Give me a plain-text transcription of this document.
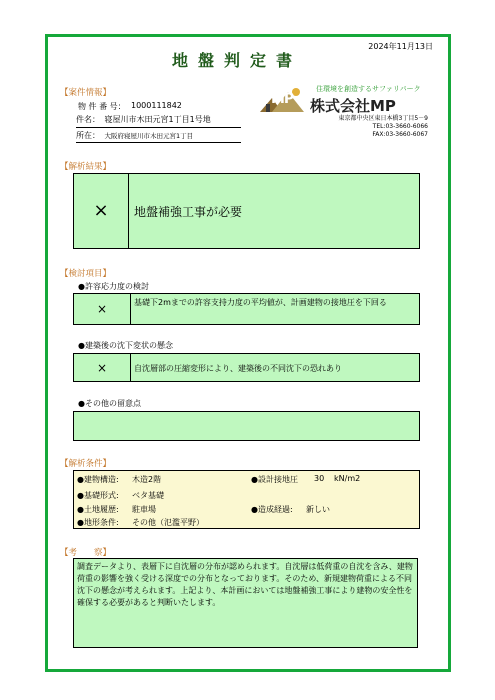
地盤判定書
2024年11月13日
【案件情報】
物 件 番 号： 1000111842
件名： 寝屋川市木田元宮1丁目1号地
所在： 大阪府寝屋川市木田元宮1丁目
住環境を創造するサファリパーク
MP 株式会社MP
東京都中央区東日本橋3丁目5－9
TEL:03-3660-6066
FAX:03-3660-6067
【解析結果】
× 地盤補強工事が必要
【検討項目】
●許容応力度の検討
×	基礎下2mまでの許容支持力度の平均値が、計画建物の接地圧を下回る
●建築後の沈下変状の懸念
×	自沈層部の圧縮変形により、建築後の不同沈下の恐れあり
●その他の留意点
【解析条件】
●建物構造: 木造2階	●設計接地圧 30 kN/m2
●基礎形式: ベタ基礎
●土地履歴: 駐車場	●造成経過: 新しい
●地形条件: その他（氾濫平野）
【考　　察】
調査データより、表層下に自沈層の分布が認められます。自沈層は低荷重の自沈を含み、建物荷重の影響を強く受ける深度での分布となっております。そのため、新規建物荷重による不同沈下の懸念が考えられます。上記より、本計画においては地盤補強工事により建物の安全性を確保する必要があると判断いたします。
